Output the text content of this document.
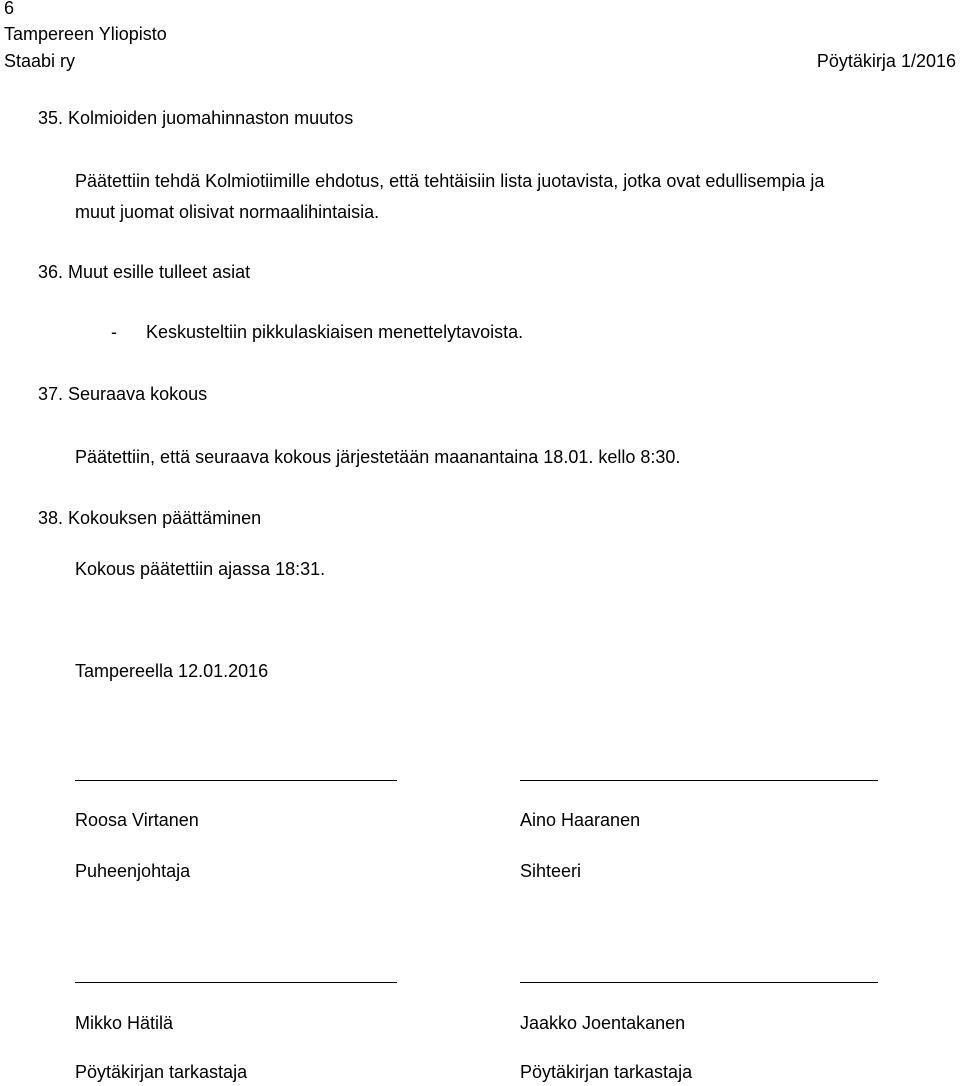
6
Tampereen Yliopisto
Staabi ry	Pöytäkirja 1/2016
35. Kolmioiden juomahinnaston muutos
Päätettiin tehdä Kolmiotiimille ehdotus, että tehtäisiin lista juotavista, jotka ovat edullisempia ja
muut juomat olisivat normaalihintaisia.
36. Muut esille tulleet asiat
- Keskusteltiin pikkulaskiaisen menettelytavoista.
37. Seuraava kokous
Päätettiin, että seuraava kokous järjestetään maanantaina 18.01. kello 8:30.
38. Kokouksen päättäminen
Kokous päätettiin ajassa 18:31.
Tampereella 12.01.2016
Roosa Virtanen	Aino Haaranen
Puheenjohtaja	Sihteeri
Mikko Hätilä	Jaakko Joentakanen
Pöytäkirjan tarkastaja	Pöytäkirjan tarkastaja
